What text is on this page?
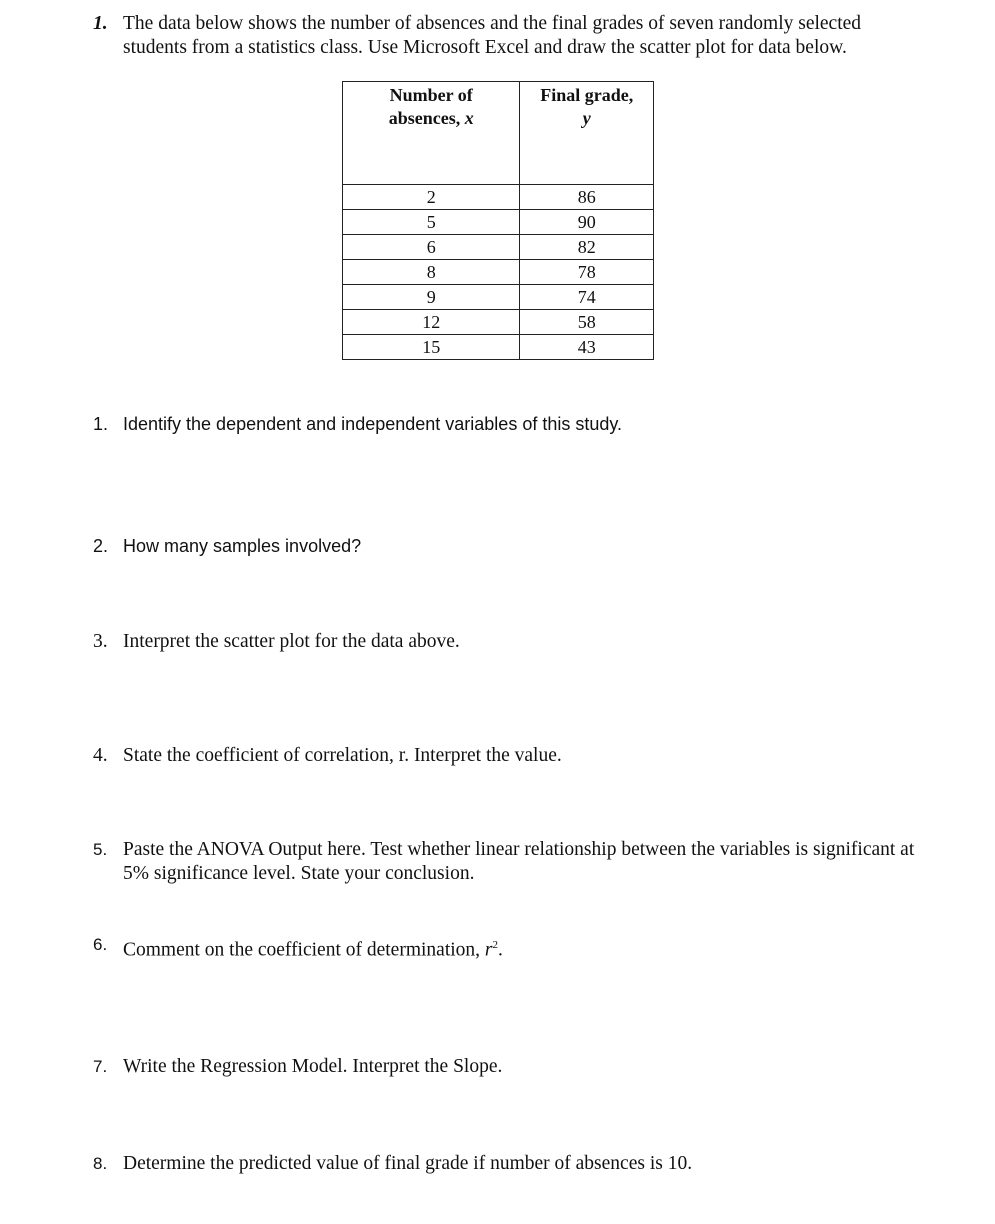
1. The data below shows the number of absences and the final grades of seven randomly selected students from a statistics class. Use Microsoft Excel and draw the scatter plot for data below.
Number of
absences, x	Final grade,
y
2	86
5	90
6	82
8	78
9	74
12	58
15	43
1. Identify the dependent and independent variables of this study.
2. How many samples involved?
3. Interpret the scatter plot for the data above.
4. State the coefficient of correlation, r. Interpret the value.
5. Paste the ANOVA Output here. Test whether linear relationship between the variables is significant at 5% significance level. State your conclusion.
6. Comment on the coefficient of determination, $r^2$.
7. Write the Regression Model. Interpret the Slope.
8. Determine the predicted value of final grade if number of absences is 10.
